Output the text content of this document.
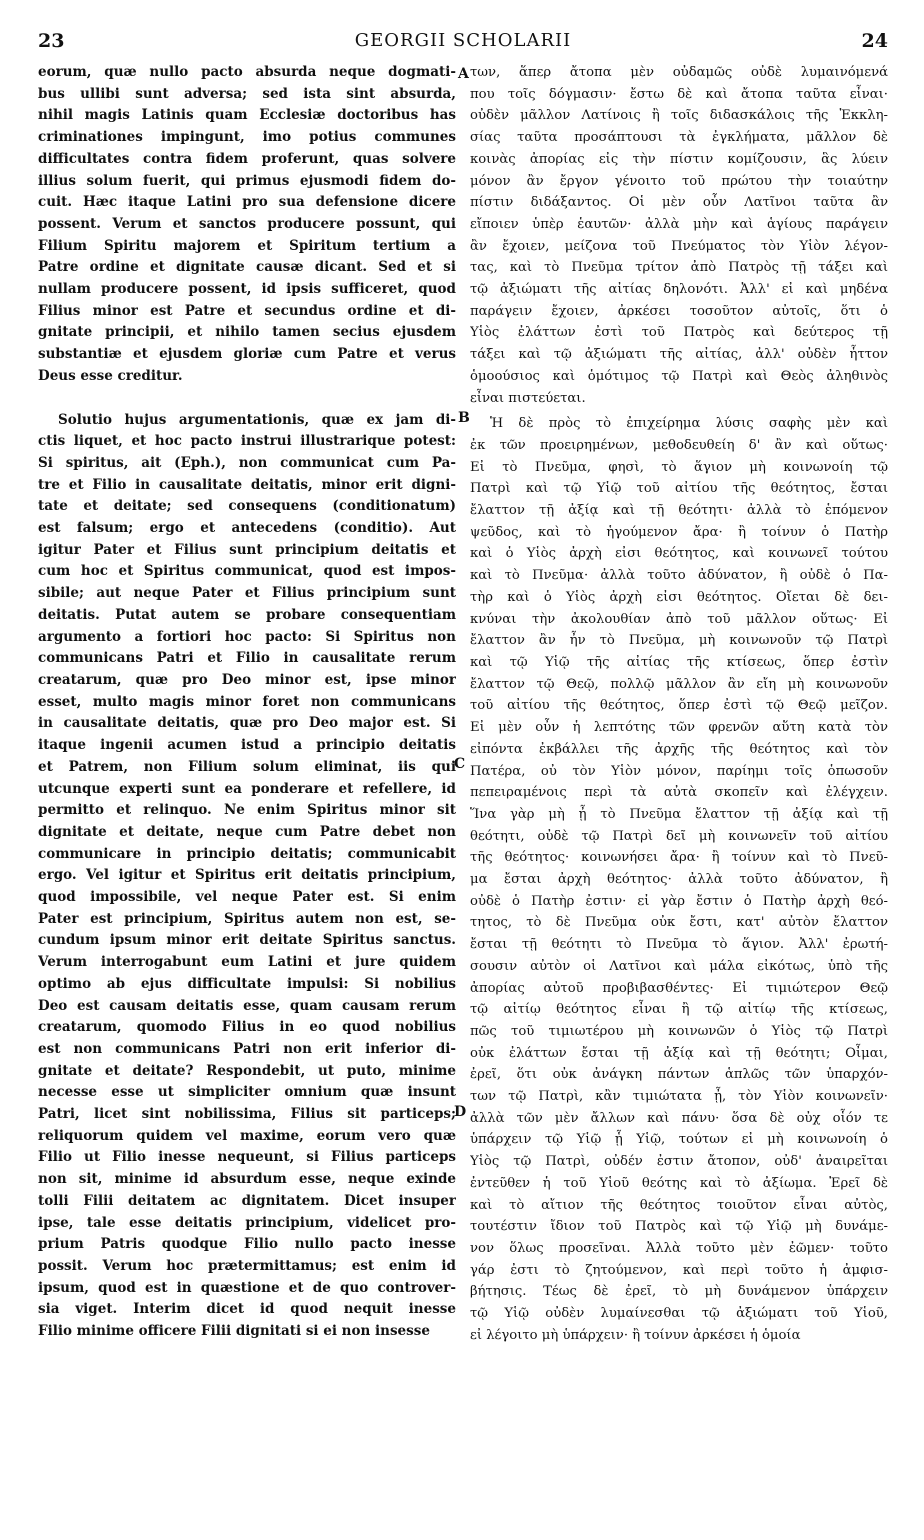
23	GEORGII SCHOLARII	24
A
B
C
D
eorum, quæ nullo pacto absurda neque dogmati-
bus ullibi sunt adversa; sed ista sint absurda,
nihil magis Latinis quam Ecclesiæ doctoribus has
criminationes impingunt, imo potius communes
difficultates contra fidem proferunt, quas solvere
illius solum fuerit, qui primus ejusmodi fidem do-
cuit. Hæc itaque Latini pro sua defensione dicere
possent. Verum et sanctos producere possunt, qui
Filium Spiritu majorem et Spiritum tertium a
Patre ordine et dignitate causæ dicant. Sed et si
nullam producere possent, id ipsis sufficeret, quod
Filius minor est Patre et secundus ordine et di-
gnitate principii, et nihilo tamen secius ejusdem
substantiæ et ejusdem gloriæ cum Patre et verus
Deus esse creditur.
Solutio hujus argumentationis, quæ ex jam di-
ctis liquet, et hoc pacto instrui illustrarique potest:
Si spiritus, ait (Eph.), non communicat cum Pa-
tre et Filio in causalitate deitatis, minor erit digni-
tate et deitate; sed consequens (conditionatum)
est falsum; ergo et antecedens (conditio). Aut
igitur Pater et Filius sunt principium deitatis et
cum hoc et Spiritus communicat, quod est impos-
sibile; aut neque Pater et Filius principium sunt
deitatis. Putat autem se probare consequentiam
argumento a fortiori hoc pacto: Si Spiritus non
communicans Patri et Filio in causalitate rerum
creatarum, quæ pro Deo minor est, ipse minor
esset, multo magis minor foret non communicans
in causalitate deitatis, quæ pro Deo major est. Si
itaque ingenii acumen istud a principio deitatis
et Patrem, non Filium solum eliminat, iis qui
utcunque experti sunt ea ponderare et refellere, id
permitto et relinquo. Ne enim Spiritus minor sit
dignitate et deitate, neque cum Patre debet non
communicare in principio deitatis; communicabit
ergo. Vel igitur et Spiritus erit deitatis principium,
quod impossibile, vel neque Pater est. Si enim
Pater est principium, Spiritus autem non est, se-
cundum ipsum minor erit deitate Spiritus sanctus.
Verum interrogabunt eum Latini et jure quidem
optimo ab ejus difficultate impulsi: Si nobilius
Deo est causam deitatis esse, quam causam rerum
creatarum, quomodo Filius in eo quod nobilius
est non communicans Patri non erit inferior di-
gnitate et deitate? Respondebit, ut puto, minime
necesse esse ut simpliciter omnium quæ insunt
Patri, licet sint nobilissima, Filius sit particeps;
reliquorum quidem vel maxime, eorum vero quæ
Filio ut Filio inesse nequeunt, si Filius particeps
non sit, minime id absurdum esse, neque exinde
tolli Filii deitatem ac dignitatem. Dicet insuper
ipse, tale esse deitatis principium, videlicet pro-
prium Patris quodque Filio nullo pacto inesse
possit. Verum hoc prætermittamus; est enim id
ipsum, quod est in quæstione et de quo controver-
sia viget. Interim dicet id quod nequit inesse
Filio minime officere Filii dignitati si ei non insesse
των, ἅπερ ἄτοπα μὲν οὐδαμῶς οὐδὲ λυμαινόμενά
που τοῖς δόγμασιν· ἔστω δὲ καὶ ἄτοπα ταῦτα εἶναι·
οὐδὲν μᾶλλον Λατίνοις ἢ τοῖς διδασκάλοις τῆς Ἐκκλη-
σίας ταῦτα προσάπτουσι τὰ ἐγκλήματα, μᾶλλον δὲ
κοινὰς ἀπορίας εἰς τὴν πίστιν κομίζουσιν, ἃς λύειν
μόνον ἂν ἔργον γένοιτο τοῦ πρώτου τὴν τοιαύτην
πίστιν διδάξαντος. Οἱ μὲν οὖν Λατῖνοι ταῦτα ἂν
εἴποιεν ὑπὲρ ἑαυτῶν· ἀλλὰ μὴν καὶ ἁγίους παράγειν
ἂν ἔχοιεν, μείζονα τοῦ Πνεύματος τὸν Υἱὸν λέγον-
τας, καὶ τὸ Πνεῦμα τρίτον ἀπὸ Πατρὸς τῇ τάξει καὶ
τῷ ἀξιώματι τῆς αἰτίας δηλονότι. Ἀλλ' εἰ καὶ μηδένα
παράγειν ἔχοιεν, ἀρκέσει τοσοῦτον αὐτοῖς, ὅτι ὁ
Υἱὸς ἐλάττων ἐστὶ τοῦ Πατρὸς καὶ δεύτερος τῇ
τάξει καὶ τῷ ἀξιώματι τῆς αἰτίας, ἀλλ' οὐδὲν ἧττον
ὁμοούσιος καὶ ὁμότιμος τῷ Πατρὶ καὶ Θεὸς ἀληθινὸς
εἶναι πιστεύεται.
Ἡ δὲ πρὸς τὸ ἐπιχείρημα λύσις σαφὴς μὲν καὶ
ἐκ τῶν προειρημένων, μεθοδευθείη δ' ἂν καὶ οὕτως·
Εἰ τὸ Πνεῦμα, φησὶ, τὸ ἅγιον μὴ κοινωνοίη τῷ
Πατρὶ καὶ τῷ Υἱῷ τοῦ αἰτίου τῆς θεότητος, ἔσται
ἔλαττον τῇ ἀξίᾳ καὶ τῇ θεότητι· ἀλλὰ τὸ ἑπόμενον
ψεῦδος, καὶ τὸ ἡγούμενον ἄρα· ἢ τοίνυν ὁ Πατὴρ
καὶ ὁ Υἱὸς ἀρχὴ εἰσι θεότητος, καὶ κοινωνεῖ τούτου
καὶ τὸ Πνεῦμα· ἀλλὰ τοῦτο ἀδύνατον, ἢ οὐδὲ ὁ Πα-
τὴρ καὶ ὁ Υἱὸς ἀρχὴ εἰσι θεότητος. Οἴεται δὲ δει-
κνύναι τὴν ἀκολουθίαν ἀπὸ τοῦ μᾶλλον οὕτως· Εἰ
ἔλαττον ἂν ἦν τὸ Πνεῦμα, μὴ κοινωνοῦν τῷ Πατρὶ
καὶ τῷ Υἱῷ τῆς αἰτίας τῆς κτίσεως, ὅπερ ἐστὶν
ἔλαττον τῷ Θεῷ, πολλῷ μᾶλλον ἂν εἴη μὴ κοινωνοῦν
τοῦ αἰτίου τῆς θεότητος, ὅπερ ἐστὶ τῷ Θεῷ μεῖζον.
Εἰ μὲν οὖν ἡ λεπτότης τῶν φρενῶν αὕτη κατὰ τὸν
εἰπόντα ἐκβάλλει τῆς ἀρχῆς τῆς θεότητος καὶ τὸν
Πατέρα, οὐ τὸν Υἱὸν μόνον, παρίημι τοῖς ὁπωσοῦν
πεπειραμένοις περὶ τὰ αὐτὰ σκοπεῖν καὶ ἐλέγχειν.
Ἵνα γὰρ μὴ ᾖ τὸ Πνεῦμα ἔλαττον τῇ ἀξίᾳ καὶ τῇ
θεότητι, οὐδὲ τῷ Πατρὶ δεῖ μὴ κοινωνεῖν τοῦ αἰτίου
τῆς θεότητος· κοινωνήσει ἄρα· ἢ τοίνυν καὶ τὸ Πνεῦ-
μα ἔσται ἀρχὴ θεότητος· ἀλλὰ τοῦτο ἀδύνατον, ἢ
οὐδὲ ὁ Πατὴρ ἐστιν· εἰ γὰρ ἔστιν ὁ Πατὴρ ἀρχὴ θεό-
τητος, τὸ δὲ Πνεῦμα οὐκ ἔστι, κατ' αὐτὸν ἔλαττον
ἔσται τῇ θεότητι τὸ Πνεῦμα τὸ ἅγιον. Ἀλλ' ἐρωτή-
σουσιν αὐτὸν οἱ Λατῖνοι καὶ μάλα εἰκότως, ὑπὸ τῆς
ἀπορίας αὐτοῦ προβιβασθέντες· Εἰ τιμιώτερον Θεῷ
τῷ αἰτίῳ θεότητος εἶναι ἢ τῷ αἰτίῳ τῆς κτίσεως,
πῶς τοῦ τιμιωτέρου μὴ κοινωνῶν ὁ Υἱὸς τῷ Πατρὶ
οὐκ ἐλάττων ἔσται τῇ ἀξίᾳ καὶ τῇ θεότητι; Οἶμαι,
ἐρεῖ, ὅτι οὐκ ἀνάγκη πάντων ἁπλῶς τῶν ὑπαρχόν-
των τῷ Πατρὶ, κἂν τιμιώτατα ᾖ, τὸν Υἱὸν κοινωνεῖν·
ἀλλὰ τῶν μὲν ἄλλων καὶ πάνυ· ὅσα δὲ οὐχ οἷόν τε
ὑπάρχειν τῷ Υἱῷ ᾗ Υἱῷ, τούτων εἰ μὴ κοινωνοίη ὁ
Υἱὸς τῷ Πατρὶ, οὐδέν ἐστιν ἄτοπον, οὐδ' ἀναιρεῖται
ἐντεῦθεν ἡ τοῦ Υἱοῦ θεότης καὶ τὸ ἀξίωμα. Ἐρεῖ δὲ
καὶ τὸ αἴτιον τῆς θεότητος τοιοῦτον εἶναι αὐτὸς,
τουτέστιν ἴδιον τοῦ Πατρὸς καὶ τῷ Υἱῷ μὴ δυνάμε-
νον ὅλως προσεῖναι. Ἀλλὰ τοῦτο μὲν ἐῶμεν· τοῦτο
γάρ ἐστι τὸ ζητούμενον, καὶ περὶ τοῦτο ἡ ἀμφισ-
βήτησις. Τέως δὲ ἐρεῖ, τὸ μὴ δυνάμενον ὑπάρχειν
τῷ Υἱῷ οὐδὲν λυμαίνεσθαι τῷ ἀξιώματι τοῦ Υἱοῦ,
εἰ λέγοιτο μὴ ὑπάρχειν· ἢ τοίνυν ἀρκέσει ἡ ὁμοία
